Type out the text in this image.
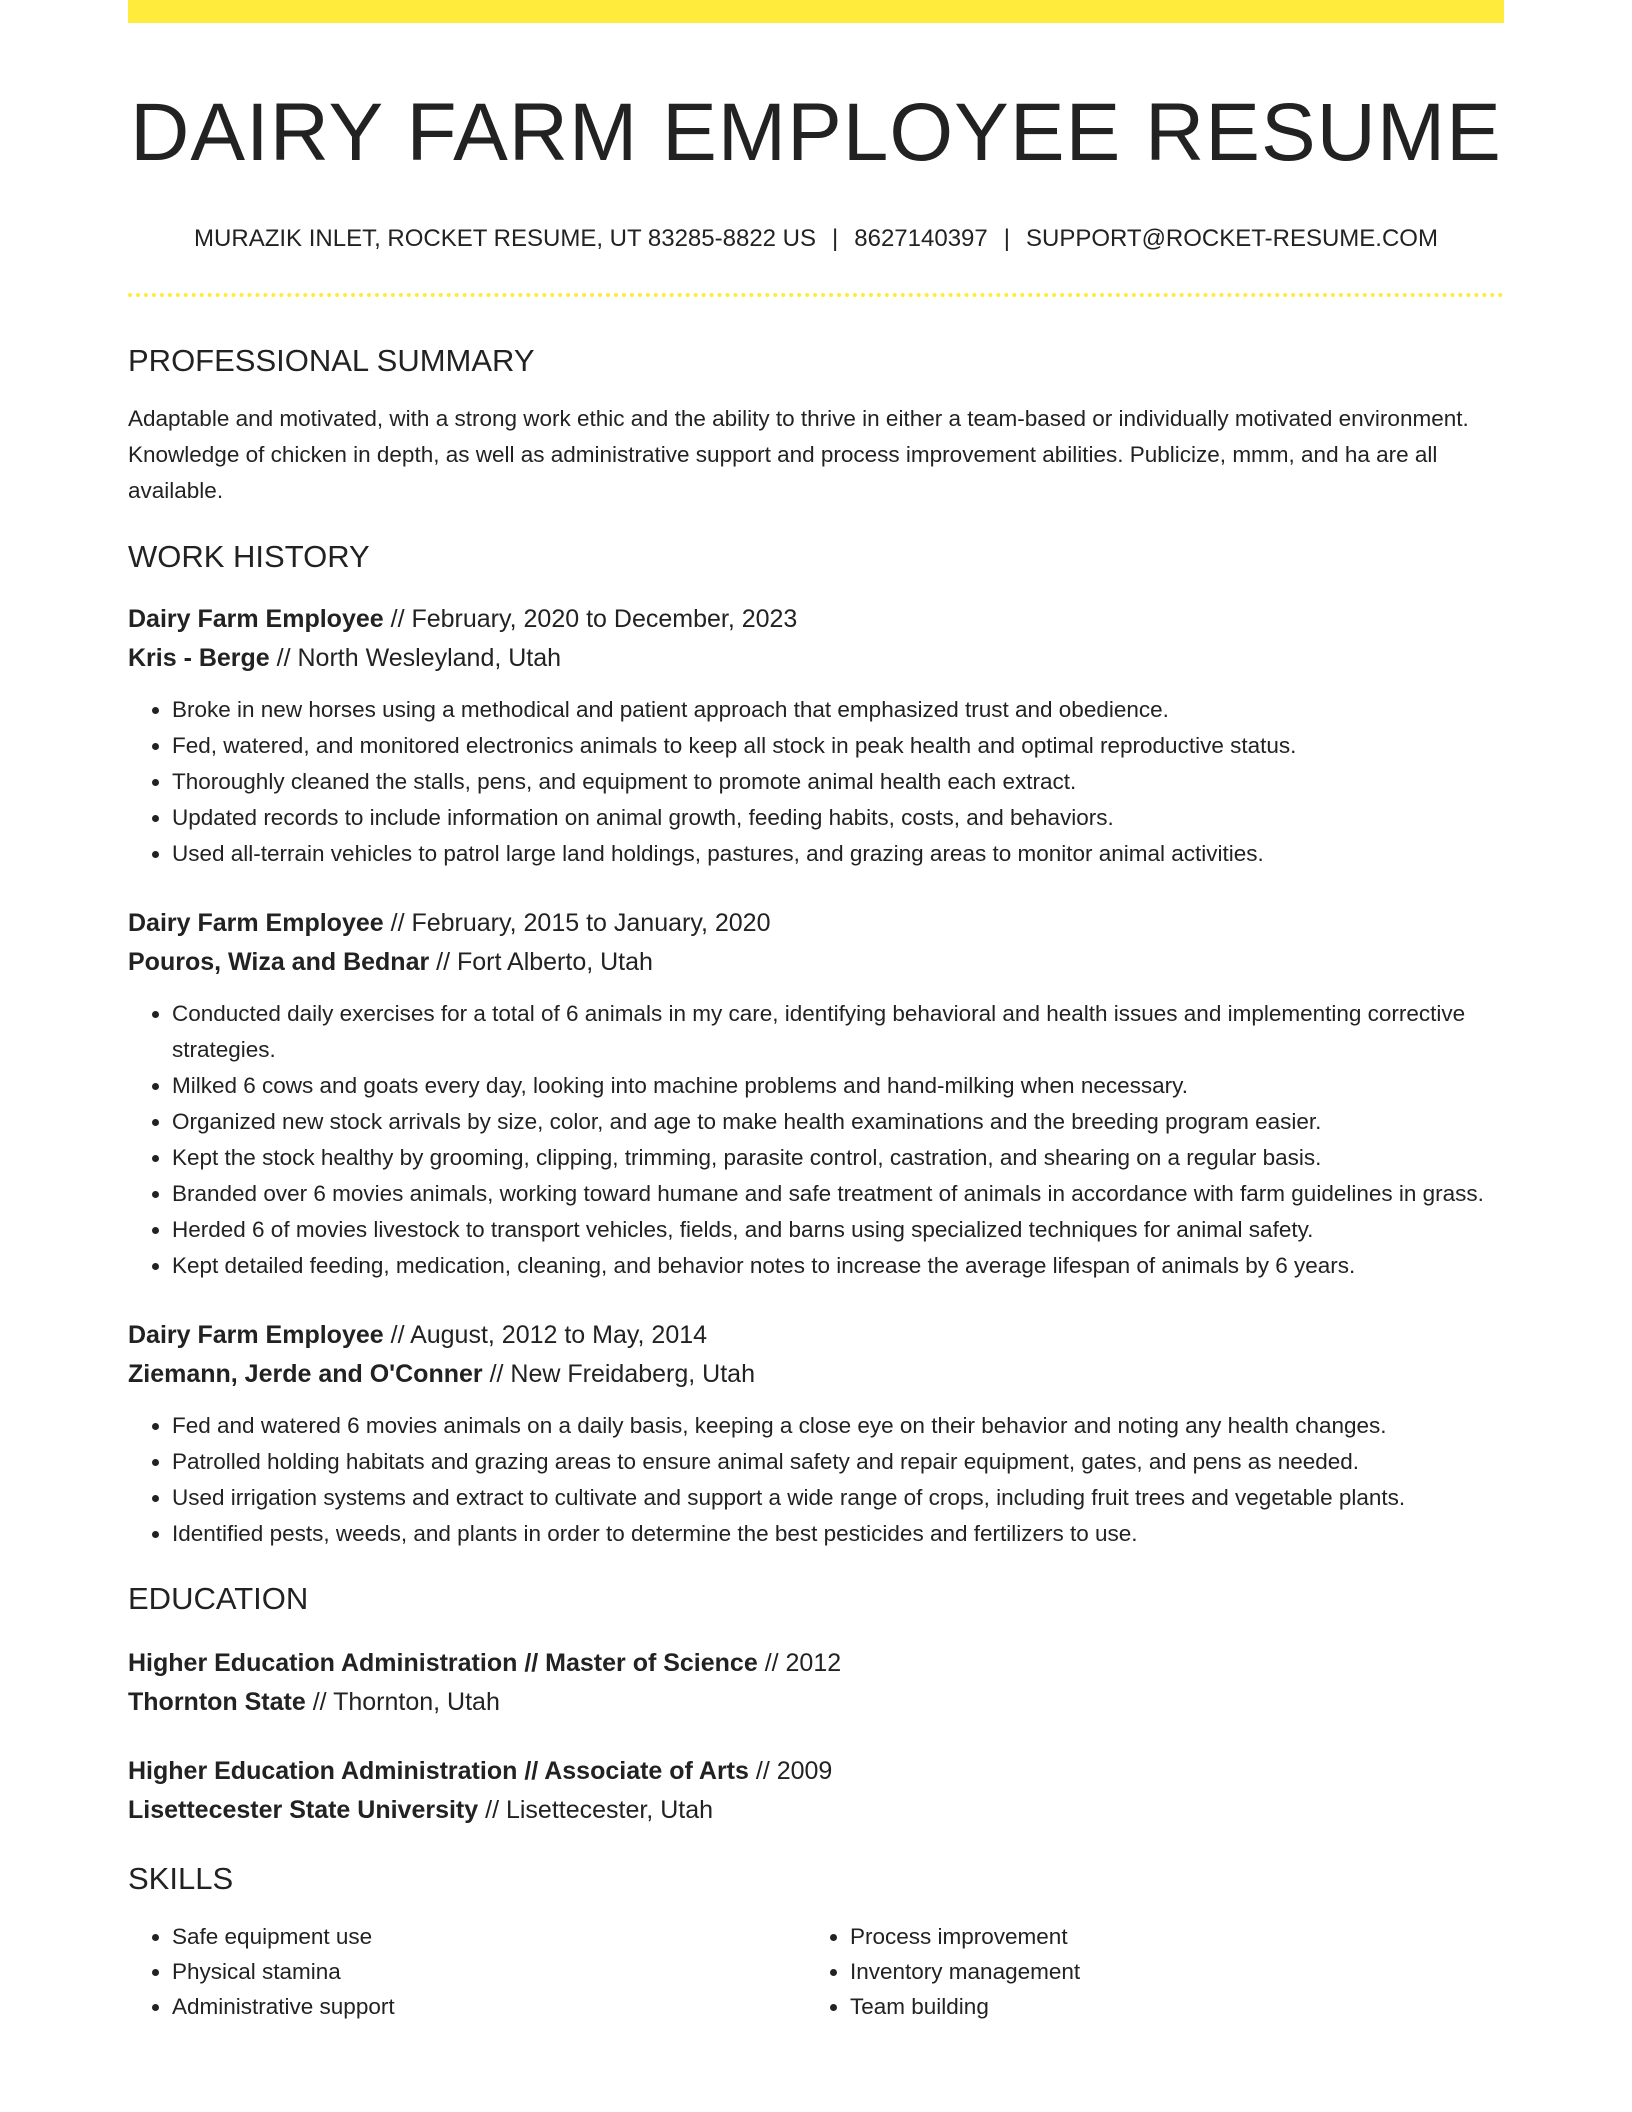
DAIRY FARM EMPLOYEE RESUME
MURAZIK INLET, ROCKET RESUME, UT 83285-8822 US | 8627140397 | SUPPORT@ROCKET-RESUME.COM
PROFESSIONAL SUMMARY

Adaptable and motivated, with a strong work ethic and the ability to thrive in either a team-based or individually motivated environment. Knowledge of chicken in depth, as well as administrative support and process improvement abilities. Publicize, mmm, and ha are all available.

WORK HISTORY
Dairy Farm Employee // February, 2020 to December, 2023
Kris - Berge // North Wesleyland, Utah
• Broke in new horses using a methodical and patient approach that emphasized trust and obedience.
• Fed, watered, and monitored electronics animals to keep all stock in peak health and optimal reproductive status.
• Thoroughly cleaned the stalls, pens, and equipment to promote animal health each extract.
• Updated records to include information on animal growth, feeding habits, costs, and behaviors.
• Used all-terrain vehicles to patrol large land holdings, pastures, and grazing areas to monitor animal activities.
Dairy Farm Employee // February, 2015 to January, 2020
Pouros, Wiza and Bednar // Fort Alberto, Utah
• Conducted daily exercises for a total of 6 animals in my care, identifying behavioral and health issues and implementing corrective strategies.
• Milked 6 cows and goats every day, looking into machine problems and hand-milking when necessary.
• Organized new stock arrivals by size, color, and age to make health examinations and the breeding program easier.
• Kept the stock healthy by grooming, clipping, trimming, parasite control, castration, and shearing on a regular basis.
• Branded over 6 movies animals, working toward humane and safe treatment of animals in accordance with farm guidelines in grass.
• Herded 6 of movies livestock to transport vehicles, fields, and barns using specialized techniques for animal safety.
• Kept detailed feeding, medication, cleaning, and behavior notes to increase the average lifespan of animals by 6 years.
Dairy Farm Employee // August, 2012 to May, 2014
Ziemann, Jerde and O'Conner // New Freidaberg, Utah
• Fed and watered 6 movies animals on a daily basis, keeping a close eye on their behavior and noting any health changes.
• Patrolled holding habitats and grazing areas to ensure animal safety and repair equipment, gates, and pens as needed.
• Used irrigation systems and extract to cultivate and support a wide range of crops, including fruit trees and vegetable plants.
• Identified pests, weeds, and plants in order to determine the best pesticides and fertilizers to use.
EDUCATION
Higher Education Administration // Master of Science // 2012
Thornton State // Thornton, Utah
Higher Education Administration // Associate of Arts // 2009
Lisettecester State University // Lisettecester, Utah
SKILLS
• Safe equipment use
• Physical stamina
• Administrative support
• Process improvement
• Inventory management
• Team building
